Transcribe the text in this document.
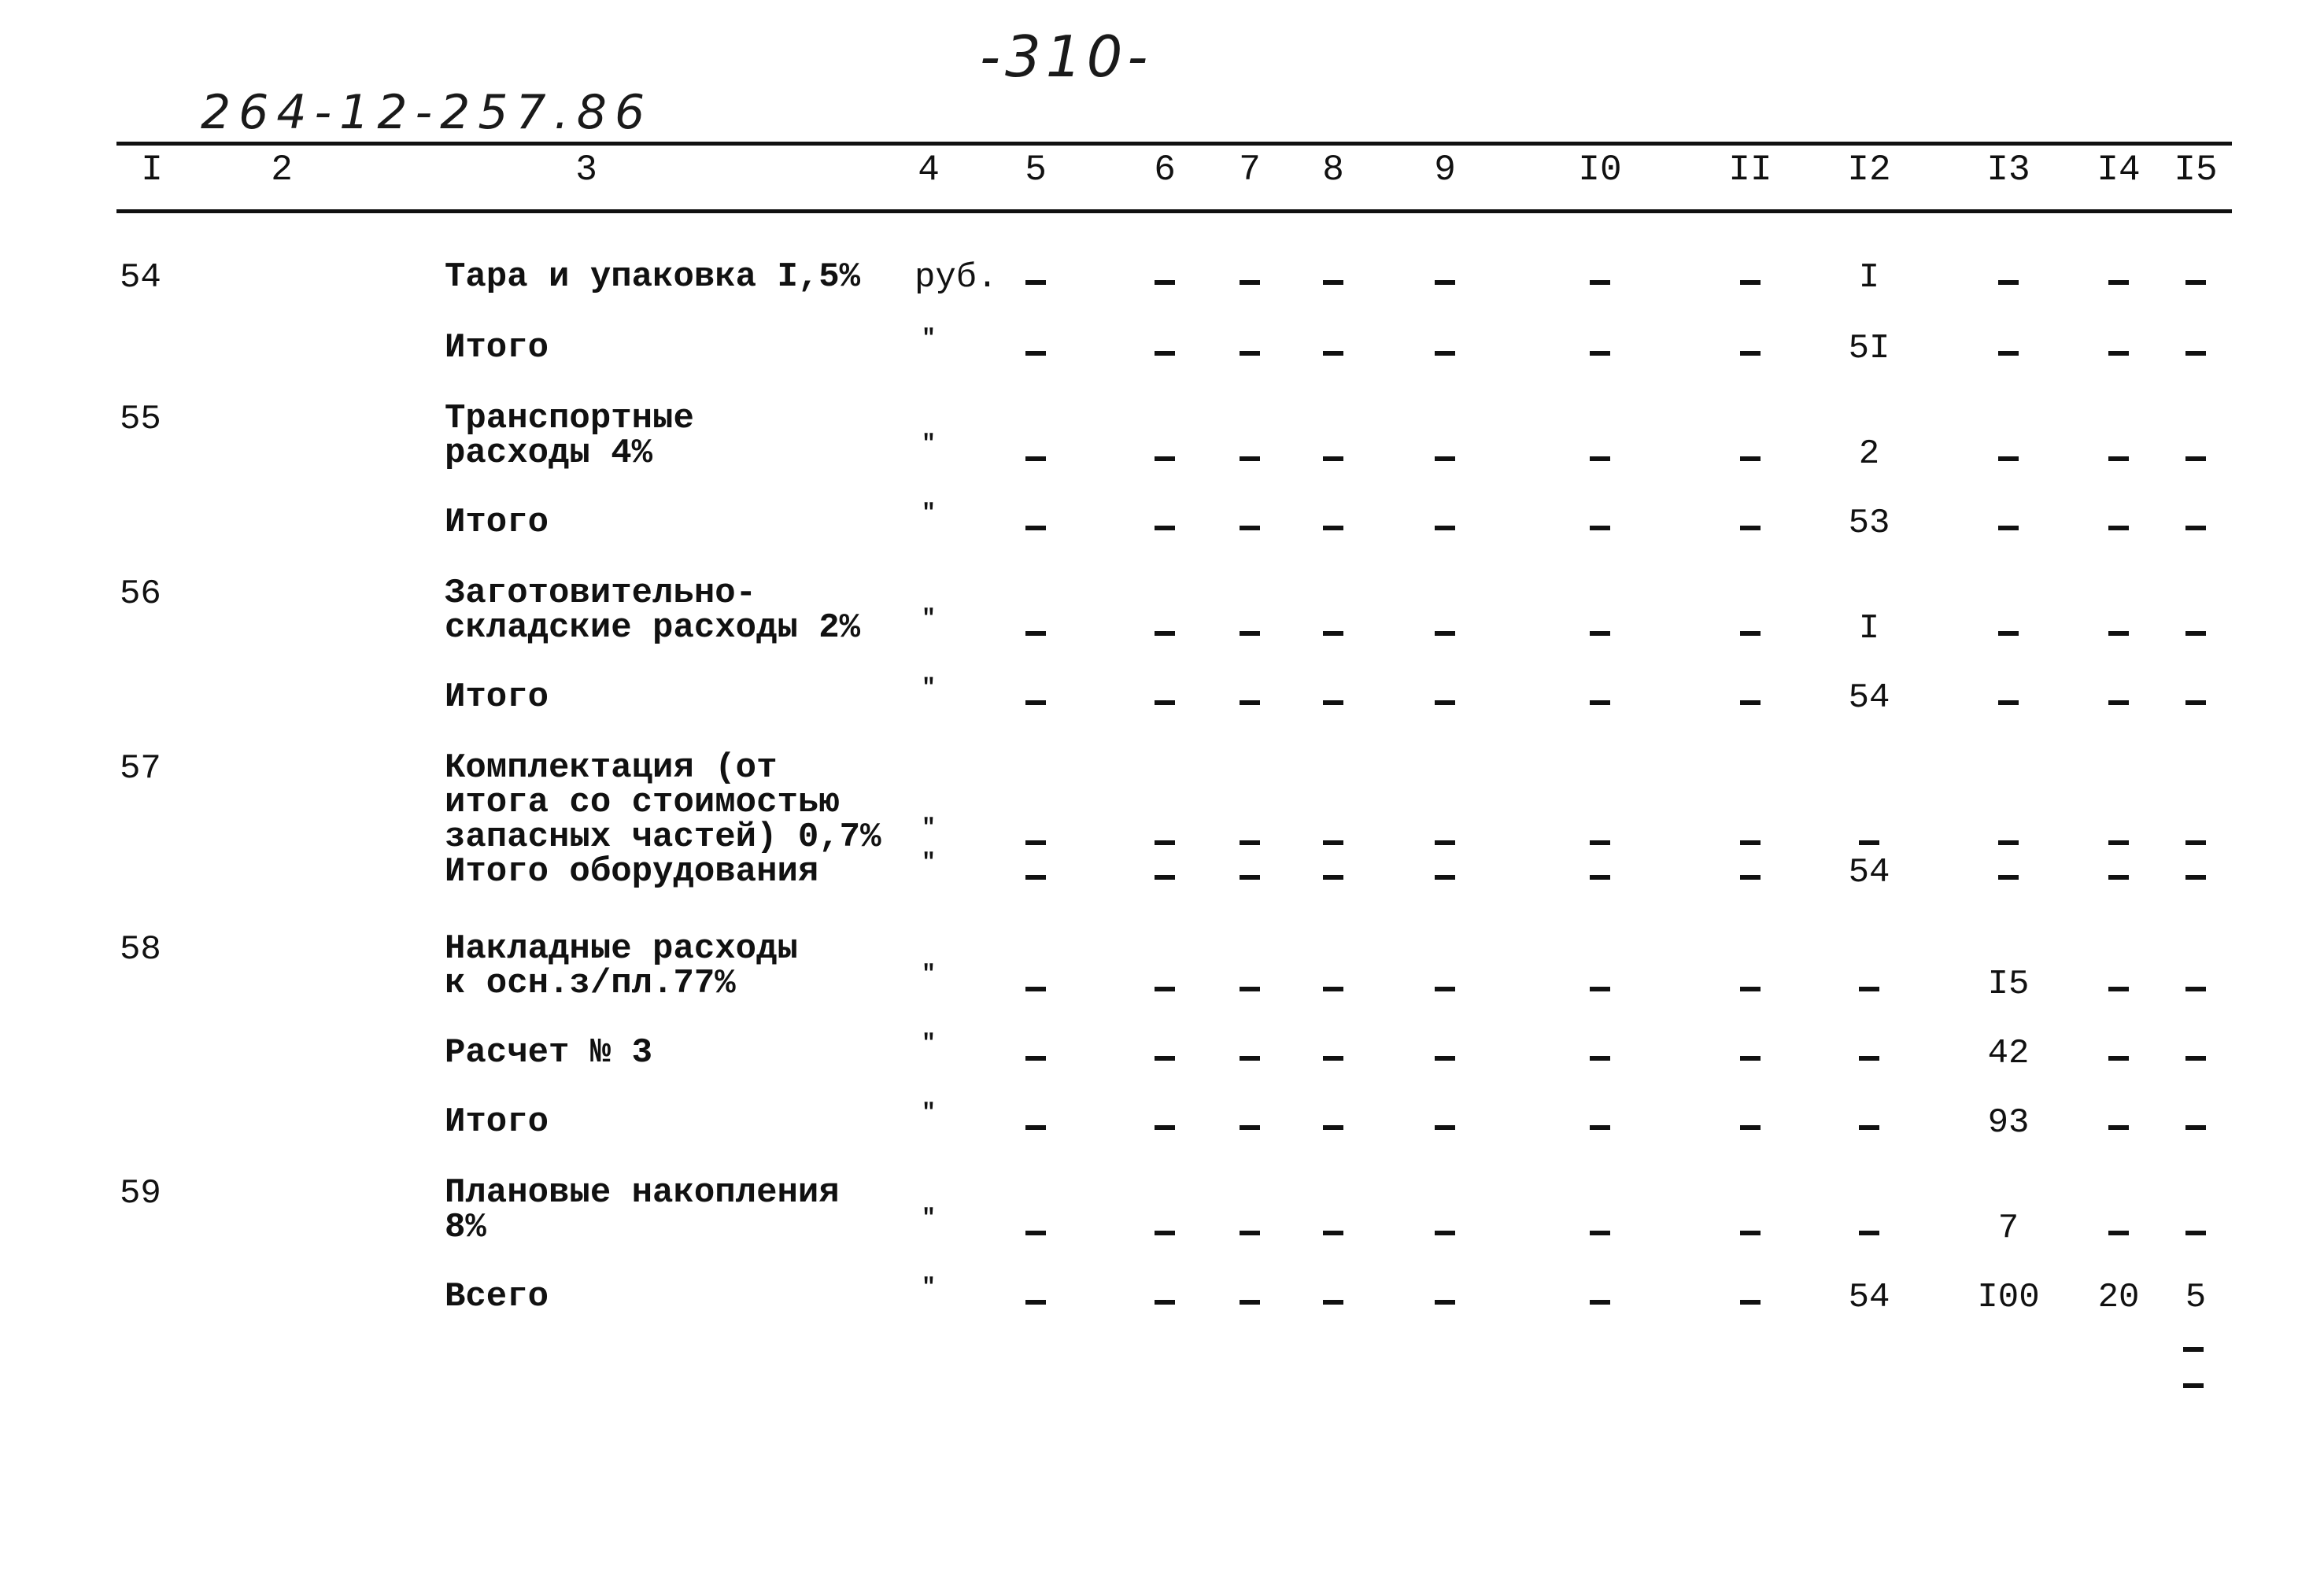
-310-
264-12-257.86
I	2	3	4 5	6 7 8 9	I0	II I2	I3 I4 I5
54	Тара и упаковка I,5% руб.	I
Итого	"	5I
55	Транспортные
расходы 4%	"	2
Итого	"	53
56	Заготовительно-
складские расходы 2%	"	I
Итого	"	54
57	Комплектация (от
итога со стоимостью
запасных частей) 0,7% "
Итого оборудования	"	54
58	Накладные расходы
к осн.з/пл.77%	"	I5
Расчет № 3	"	42
Итого	"	93
59	Плановые накопления
8%	"	7
Всего	"	54	I00 20 5
